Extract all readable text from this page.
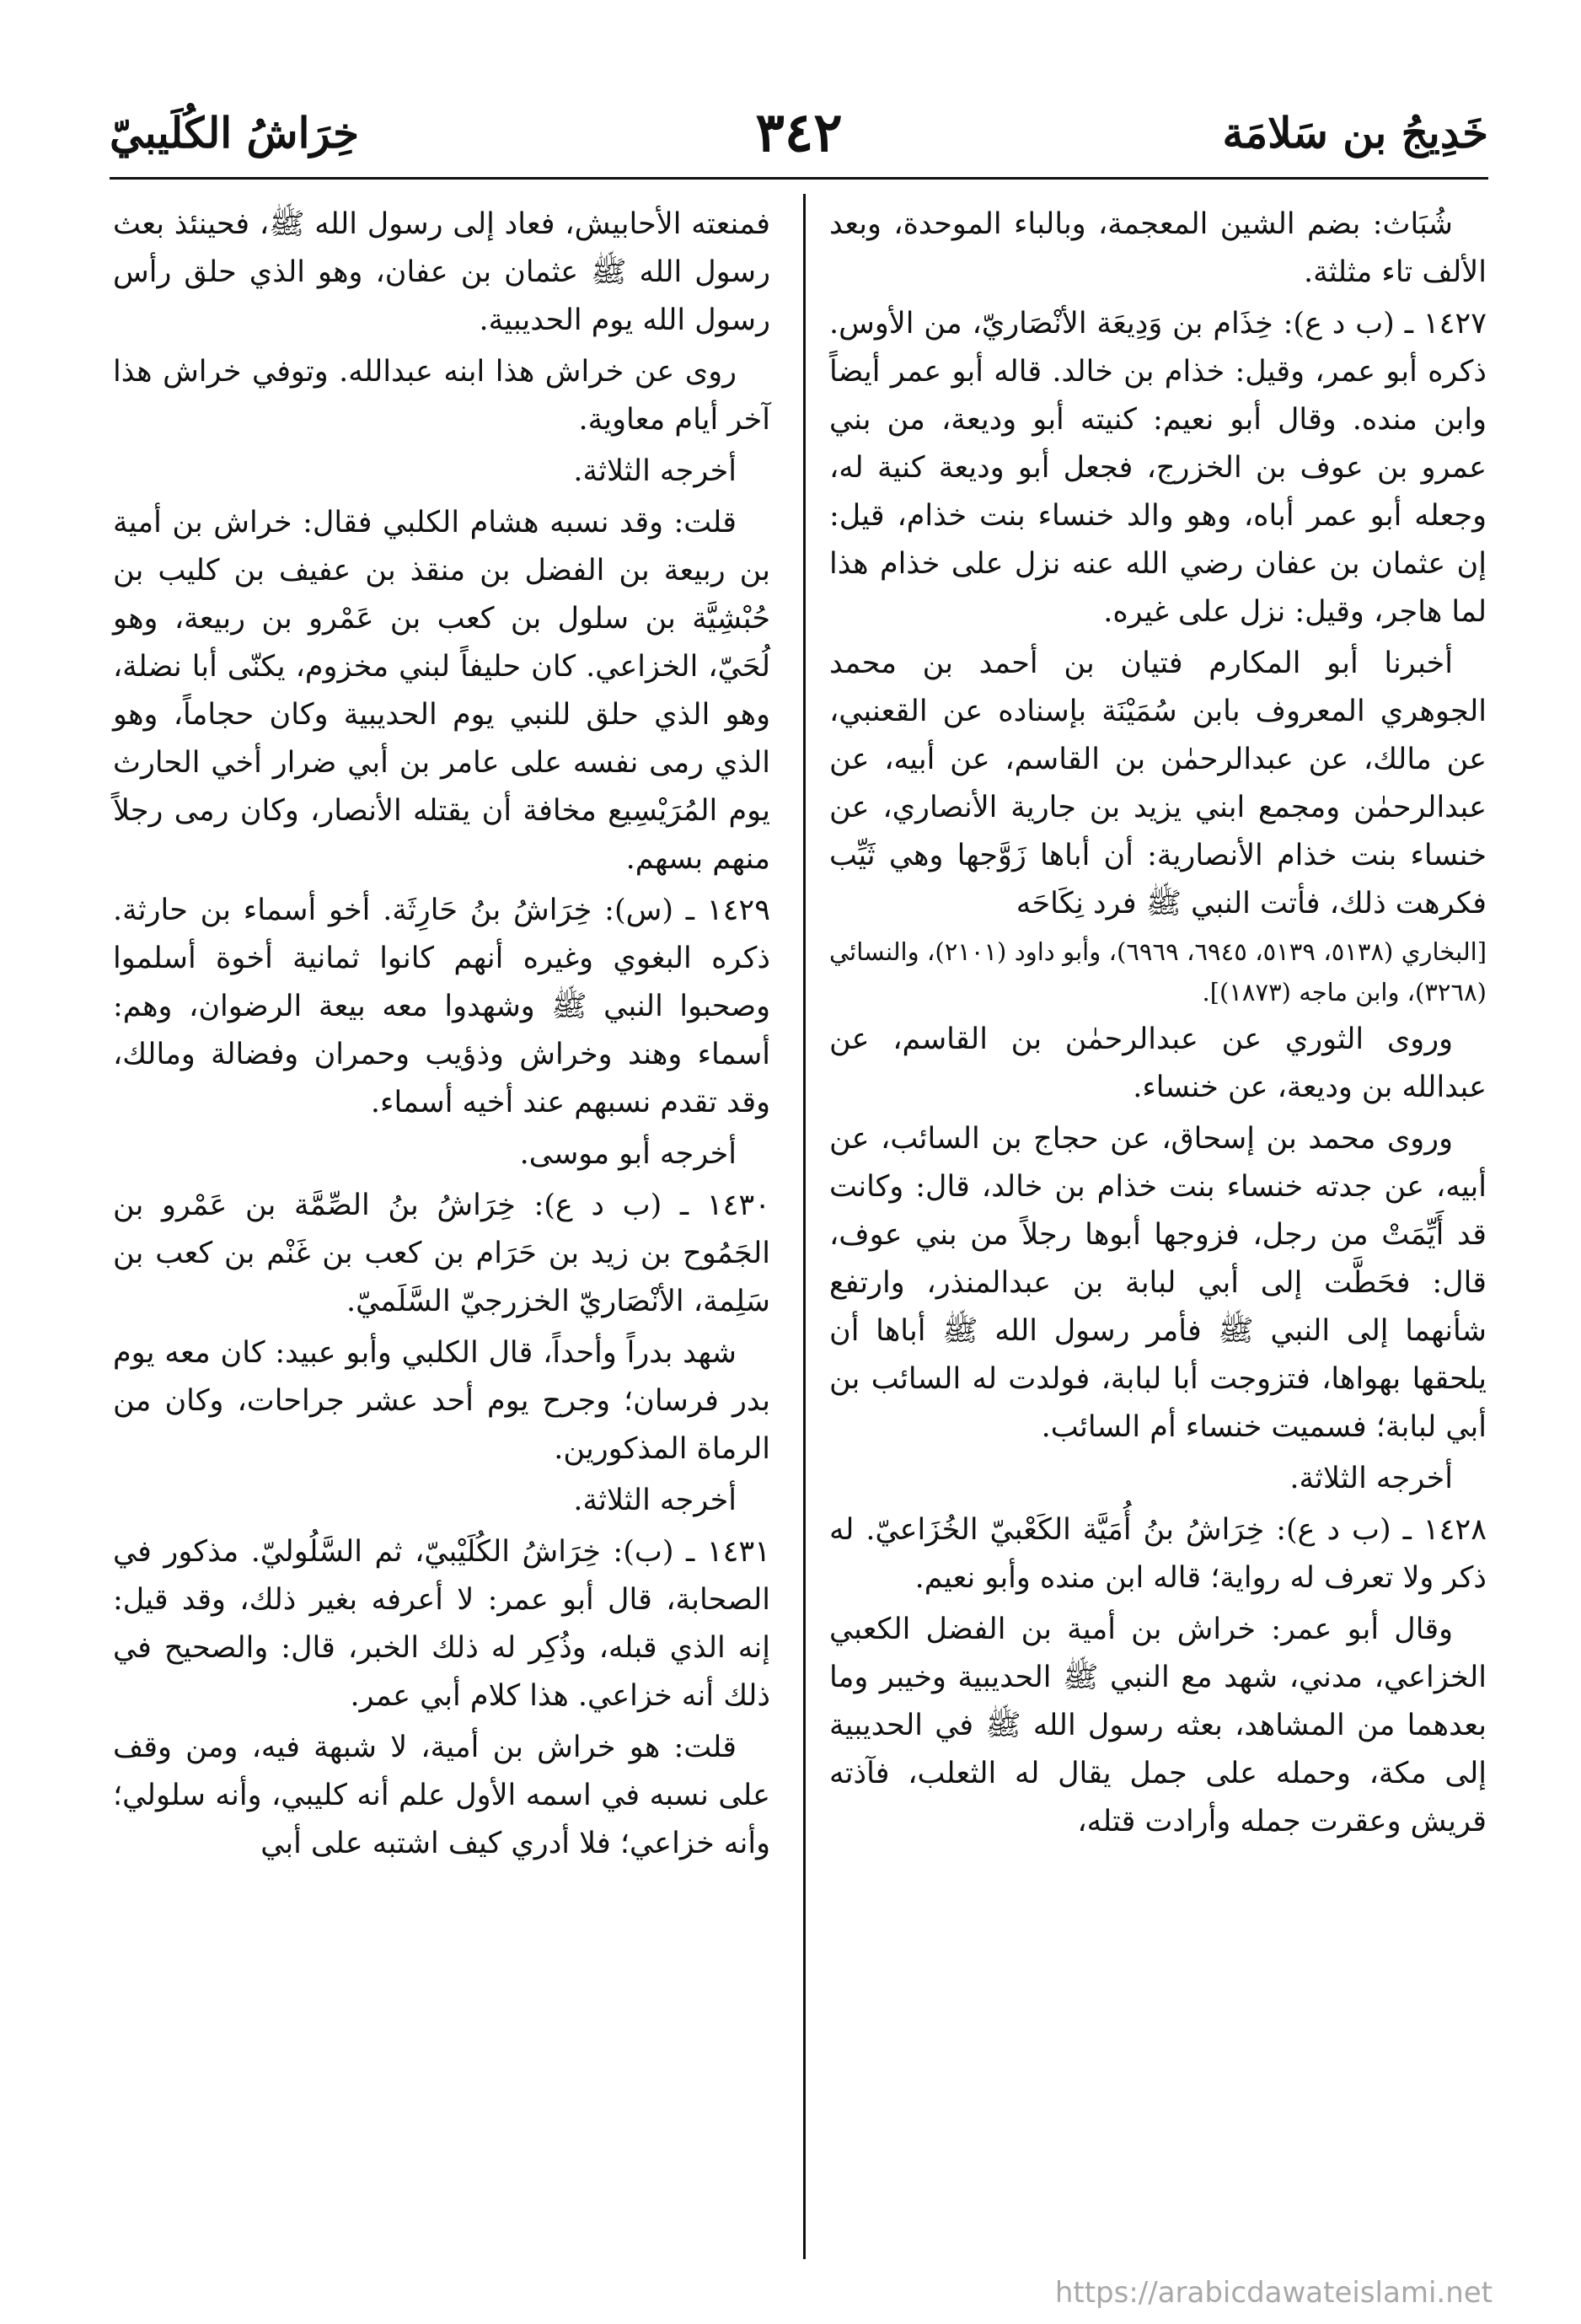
خَدِيجُ بن سَلامَة
٣٤٢
خِرَاشُ الكُلَيبيّ

شُبَاث: بضم الشين المعجمة، وبالباء الموحدة، وبعد الألف تاء مثلثة.

١٤٢٧ ـ (ب د ع): خِذَام بن وَدِيعَة الأنْصَاريّ، من الأوس. ذكره أبو عمر، وقيل: خذام بن خالد. قاله أبو عمر أيضاً وابن منده. وقال أبو نعيم: كنيته أبو وديعة، من بني عمرو بن عوف بن الخزرج، فجعل أبو وديعة كنية له، وجعله أبو عمر أباه، وهو والد خنساء بنت خذام، قيل: إن عثمان بن عفان رضي الله عنه نزل على خذام هذا لما هاجر، وقيل: نزل على غيره.

أخبرنا أبو المكارم فتيان بن أحمد بن محمد الجوهري المعروف بابن سُمَيْنَة بإسناده عن القعنبي، عن مالك، عن عبدالرحمٰن بن القاسم، عن أبيه، عن عبدالرحمٰن ومجمع ابني يزيد بن جارية الأنصاري، عن خنساء بنت خذام الأنصارية: أن أباها زَوَّجها وهي ثَيِّب فكرهت ذلك، فأتت النبي ﷺ فرد نِكَاحَه

[البخاري (٥١٣٨، ٥١٣٩، ٦٩٤٥، ٦٩٦٩)، وأبو داود (٢١٠١)، والنسائي (٣٢٦٨)، وابن ماجه (١٨٧٣)].

وروى الثوري عن عبدالرحمٰن بن القاسم، عن عبدالله بن وديعة، عن خنساء.

وروى محمد بن إسحاق، عن حجاج بن السائب، عن أبيه، عن جدته خنساء بنت خذام بن خالد، قال: وكانت قد أَيِّمَتْ من رجل، فزوجها أبوها رجلاً من بني عوف، قال: فحَطَّت إلى أبي لبابة بن عبدالمنذر، وارتفع شأنهما إلى النبي ﷺ فأمر رسول الله ﷺ أباها أن يلحقها بهواها، فتزوجت أبا لبابة، فولدت له السائب بن أبي لبابة؛ فسميت خنساء أم السائب.

أخرجه الثلاثة.

١٤٢٨ ـ (ب د ع): خِرَاشُ بنُ أُمَيَّة الكَعْبيّ الخُزَاعيّ. له ذكر ولا تعرف له رواية؛ قاله ابن منده وأبو نعيم.

وقال أبو عمر: خراش بن أمية بن الفضل الكعبي الخزاعي، مدني، شهد مع النبي ﷺ الحديبية وخيبر وما بعدهما من المشاهد، بعثه رسول الله ﷺ في الحديبية إلى مكة، وحمله على جمل يقال له الثعلب، فآذته قريش وعقرت جمله وأرادت قتله،

فمنعته الأحابيش، فعاد إلى رسول الله ﷺ، فحينئذ بعث رسول الله ﷺ عثمان بن عفان، وهو الذي حلق رأس رسول الله يوم الحديبية.

روى عن خراش هذا ابنه عبدالله. وتوفي خراش هذا آخر أيام معاوية.

أخرجه الثلاثة.

قلت: وقد نسبه هشام الكلبي فقال: خراش بن أمية بن ربيعة بن الفضل بن منقذ بن عفيف بن كليب بن حُبْشِيَّة بن سلول بن كعب بن عَمْرو بن ربيعة، وهو لُحَيّ، الخزاعي. كان حليفاً لبني مخزوم، يكنّى أبا نضلة، وهو الذي حلق للنبي يوم الحديبية وكان حجاماً، وهو الذي رمى نفسه على عامر بن أبي ضرار أخي الحارث يوم المُرَيْسِيع مخافة أن يقتله الأنصار، وكان رمى رجلاً منهم بسهم.

١٤٢٩ ـ (س): خِرَاشُ بنُ حَارِثَة. أخو أسماء بن حارثة. ذكره البغوي وغيره أنهم كانوا ثمانية أخوة أسلموا وصحبوا النبي ﷺ وشهدوا معه بيعة الرضوان، وهم: أسماء وهند وخراش وذؤيب وحمران وفضالة ومالك، وقد تقدم نسبهم عند أخيه أسماء.

أخرجه أبو موسى.

١٤٣٠ ـ (ب د ع): خِرَاشُ بنُ الصِّمَّة بن عَمْرو بن الجَمُوح بن زيد بن حَرَام بن كعب بن غَنْم بن كعب بن سَلِمة، الأنْصَاريّ الخزرجيّ السَّلَميّ.

شهد بدراً وأحداً، قال الكلبي وأبو عبيد: كان معه يوم بدر فرسان؛ وجرح يوم أحد عشر جراحات، وكان من الرماة المذكورين.

أخرجه الثلاثة.

١٤٣١ ـ (ب): خِرَاشُ الكُلَيْبيّ، ثم السَّلُوليّ. مذكور في الصحابة، قال أبو عمر: لا أعرفه بغير ذلك، وقد قيل: إنه الذي قبله، وذُكِر له ذلك الخبر، قال: والصحيح في ذلك أنه خزاعي. هذا كلام أبي عمر.

قلت: هو خراش بن أمية، لا شبهة فيه، ومن وقف على نسبه في اسمه الأول علم أنه كليبي، وأنه سلولي؛ وأنه خزاعي؛ فلا أدري كيف اشتبه على أبي

https://arabicdawateislami.net
